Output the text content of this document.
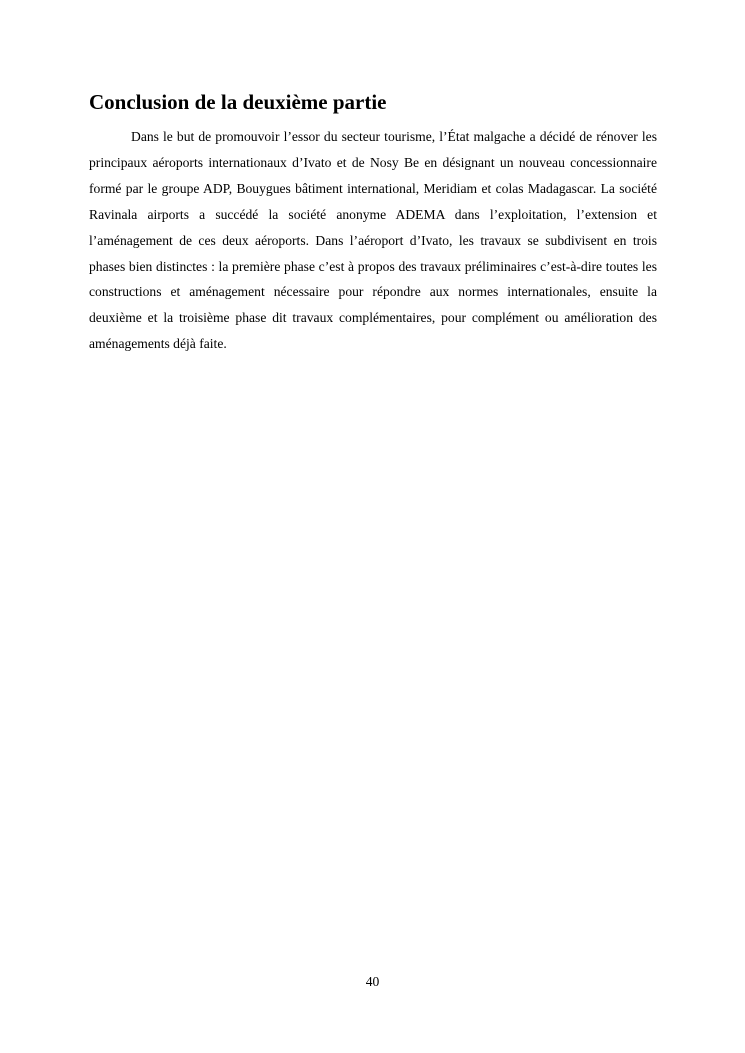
Conclusion de la deuxième partie

Dans le but de promouvoir l’essor du secteur tourisme, l’État malgache a décidé de rénover les principaux aéroports internationaux d’Ivato et de Nosy Be en désignant un nouveau concessionnaire formé par le groupe ADP, Bouygues bâtiment international, Meridiam et colas Madagascar. La société Ravinala airports a succédé la société anonyme ADEMA dans l’exploitation, l’extension et l’aménagement de ces deux aéroports. Dans l’aéroport d’Ivato, les travaux se subdivisent en trois phases bien distinctes : la première phase c’est à propos des travaux préliminaires c’est-à-dire toutes les constructions et aménagement nécessaire pour répondre aux normes internationales, ensuite la deuxième et la troisième phase dit travaux complémentaires, pour complément ou amélioration des aménagements déjà faite.

40
